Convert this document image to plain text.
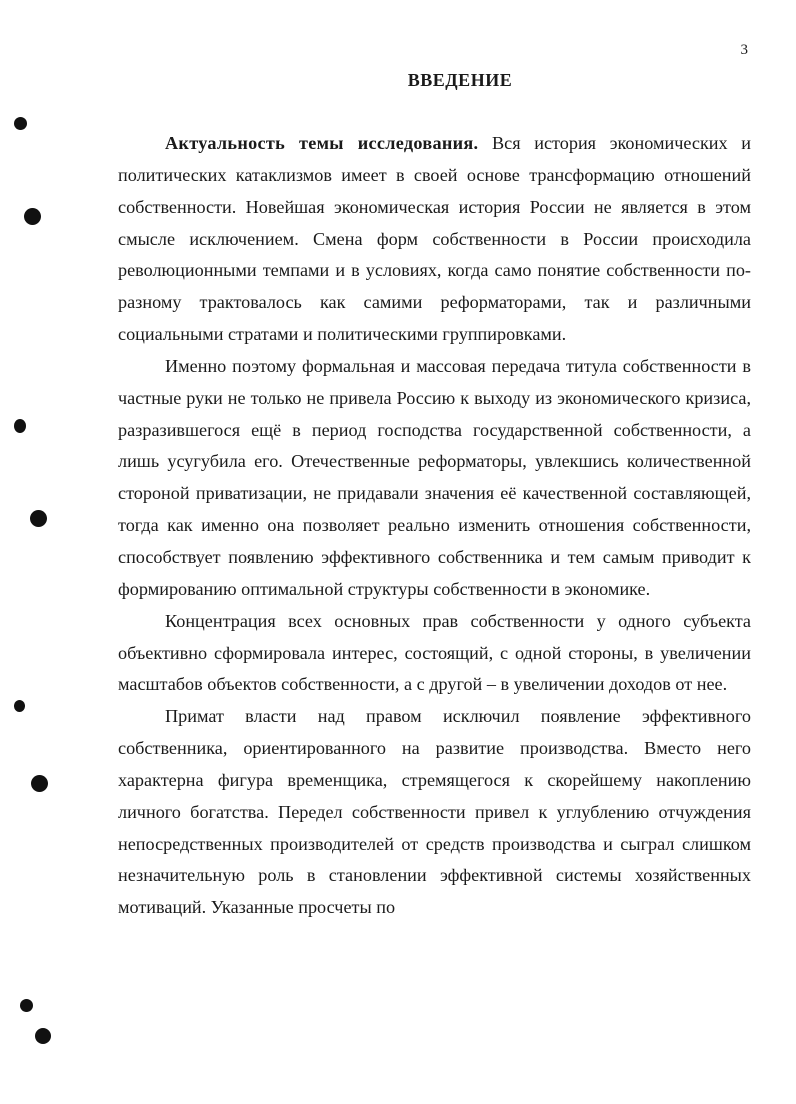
3
ВВЕДЕНИЕ

Актуальность темы исследования. Вся история экономических и политических катаклизмов имеет в своей основе трансформацию отношений собственности. Новейшая экономическая история России не является в этом смысле исключением. Смена форм собственности в России происходила революционными темпами и в условиях, когда само понятие собственности по-разному трактовалось как самими реформаторами, так и различными социальными стратами и политическими группировками.

Именно поэтому формальная и массовая передача титула собственности в частные руки не только не привела Россию к выходу из экономического кризиса, разразившегося ещё в период господства государственной собственности, а лишь усугубила его. Отечественные реформаторы, увлекшись количественной стороной приватизации, не придавали значения её качественной составляющей, тогда как именно она позволяет реально изменить отношения собственности, способствует появлению эффективного собственника и тем самым приводит к формированию оптимальной структуры собственности в экономике.

Концентрация всех основных прав собственности у одного субъекта объективно сформировала интерес, состоящий, с одной стороны, в увеличении масштабов объектов собственности, а с другой – в увеличении доходов от нее.

Примат власти над правом исключил появление эффективного собственника, ориентированного на развитие производства. Вместо него характерна фигура временщика, стремящегося к скорейшему накоплению личного богатства. Передел собственности привел к углублению отчуждения непосредственных производителей от средств производства и сыграл слишком незначительную роль в становлении эффективной системы хозяйственных мотиваций. Указанные просчеты по
